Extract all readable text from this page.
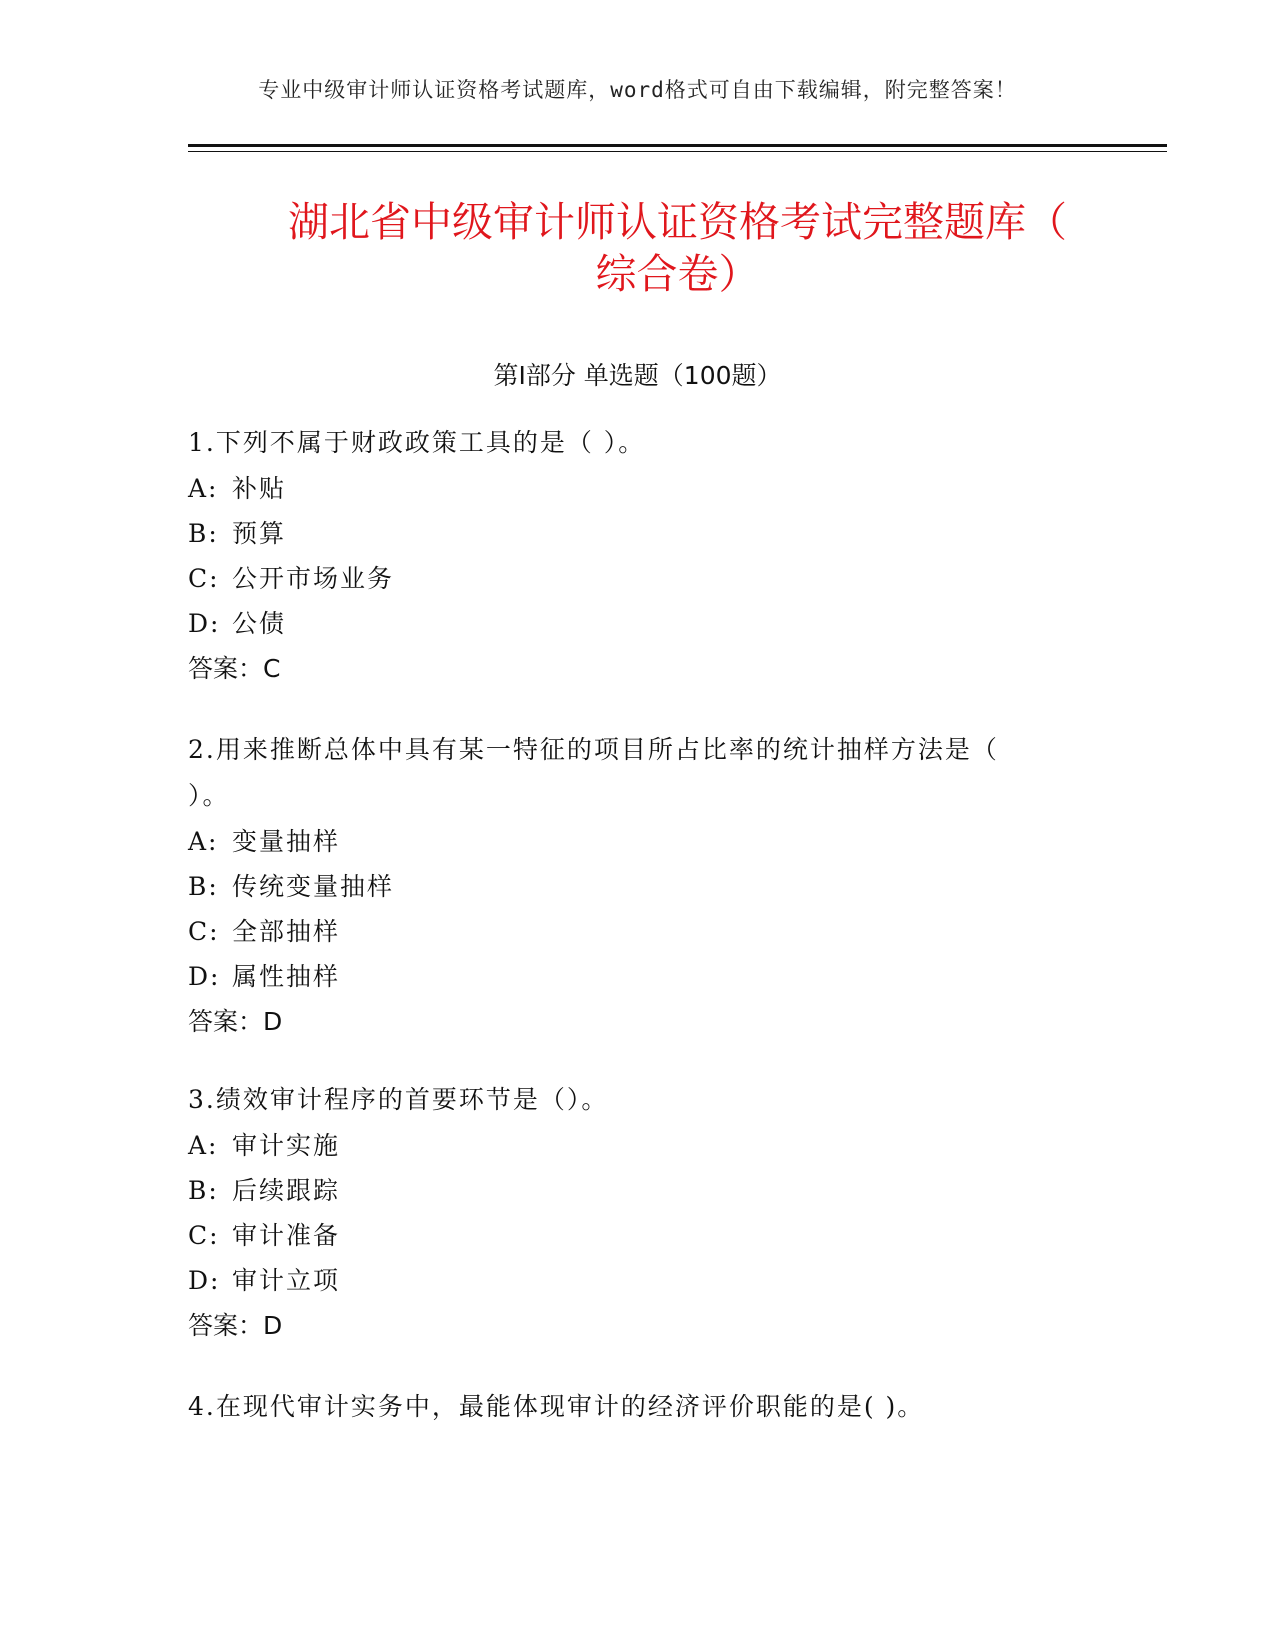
专业中级审计师认证资格考试题库，word格式可自由下载编辑，附完整答案！
湖北省中级审计师认证资格考试完整题库（
综合卷）
第Ⅰ部分 单选题（100题）
1.下列不属于财政政策工具的是（ ）。
A: 补贴
B: 预算
C: 公开市场业务
D: 公债
答案：C
2.用来推断总体中具有某一特征的项目所占比率的统计抽样方法是（
）。
A: 变量抽样
B: 传统变量抽样
C: 全部抽样
D: 属性抽样
答案：D
3.绩效审计程序的首要环节是（）。
A: 审计实施
B: 后续跟踪
C: 审计准备
D: 审计立项
答案：D
4.在现代审计实务中，最能体现审计的经济评价职能的是( )。
